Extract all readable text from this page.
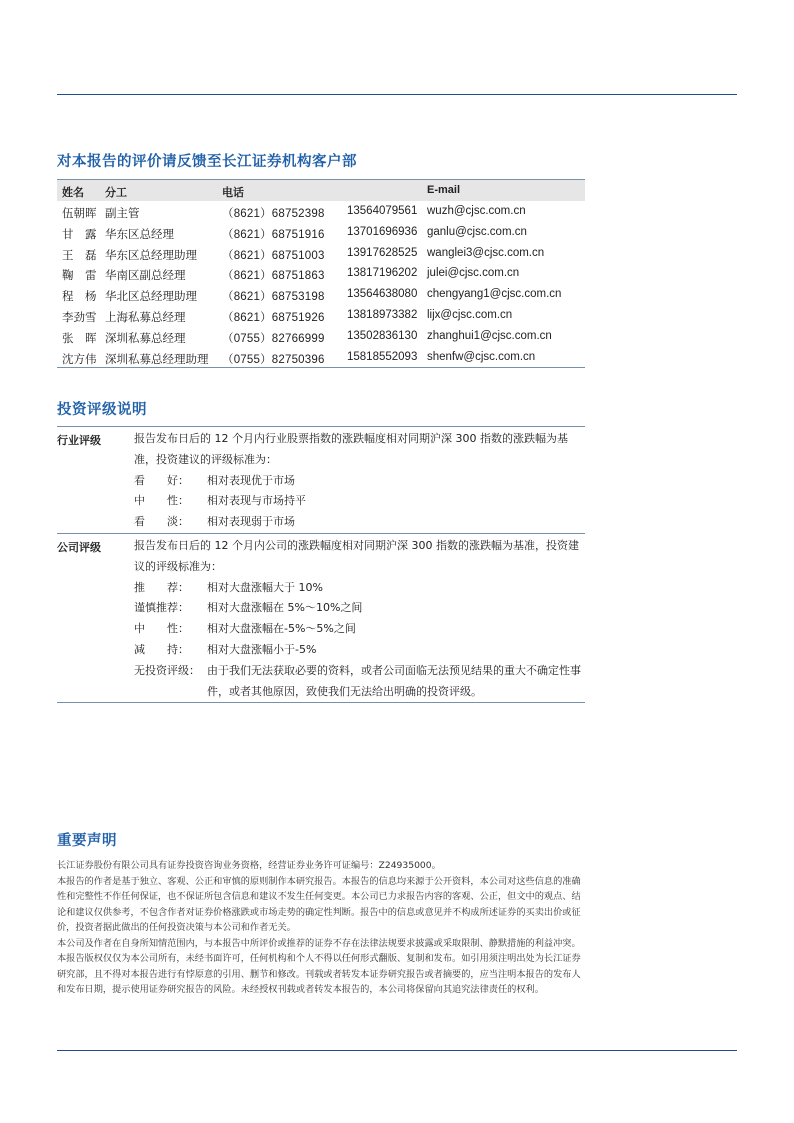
对本报告的评价请反馈至长江证券机构客户部
姓名 分工	电话	E-mail
伍朝晖 副主管	（8621）68752398 13564079561 wuzh@cjsc.com.cn
甘　露 华东区总经理	（8621）68751916 13701696936 ganlu@cjsc.com.cn
王　磊 华东区总经理助理 （8621）68751003 13917628525 wanglei3@cjsc.com.cn
鞠　雷 华南区副总经理	（8621）68751863 13817196202 julei@cjsc.com.cn
程　杨 华北区总经理助理 （8621）68753198 13564638080 chengyang1@cjsc.com.cn
李劲雪 上海私募总经理	（8621）68751926 13818973382 lijx@cjsc.com.cn
张　晖 深圳私募总经理	（0755）82766999 13502836130 zhanghui1@cjsc.com.cn
沈方伟 深圳私募总经理助理 （0755）82750396 15818552093 shenfw@cjsc.com.cn
投资评级说明
行业评级	报告发布日后的 12 个月内行业股票指数的涨跌幅度相对同期沪深 300 指数的涨跌幅为基准，投资建议的评级标准为：
看　　好： 相对表现优于市场
中　　性： 相对表现与市场持平
看　　淡： 相对表现弱于市场
公司评级	报告发布日后的 12 个月内公司的涨跌幅度相对同期沪深 300 指数的涨跌幅为基准，投资建议的评级标准为：
推　　荐： 相对大盘涨幅大于 10%
谨慎推荐： 相对大盘涨幅在 5%～10%之间
中　　性： 相对大盘涨幅在-5%～5%之间
减　　持： 相对大盘涨幅小于-5%
无投资评级： 由于我们无法获取必要的资料，或者公司面临无法预见结果的重大不确定性事件，或者其他原因，致使我们无法给出明确的投资评级。
重要声明

长江证券股份有限公司具有证券投资咨询业务资格，经营证券业务许可证编号：Z24935000。

本报告的作者是基于独立、客观、公正和审慎的原则制作本研究报告。本报告的信息均来源于公开资料，本公司对这些信息的准确性和完整性不作任何保证，也不保证所包含信息和建议不发生任何变更。本公司已力求报告内容的客观、公正，但文中的观点、结论和建议仅供参考，不包含作者对证券价格涨跌或市场走势的确定性判断。报告中的信息或意见并不构成所述证券的买卖出价或征价，投资者据此做出的任何投资决策与本公司和作者无关。

本公司及作者在自身所知情范围内，与本报告中所评价或推荐的证券不存在法律法规要求披露或采取限制、静默措施的利益冲突。

本报告版权仅仅为本公司所有，未经书面许可，任何机构和个人不得以任何形式翻版、复制和发布。如引用须注明出处为长江证券研究部，且不得对本报告进行有悖原意的引用、删节和修改。刊载或者转发本证券研究报告或者摘要的，应当注明本报告的发布人和发布日期，提示使用证券研究报告的风险。未经授权刊载或者转发本报告的，本公司将保留向其追究法律责任的权利。
